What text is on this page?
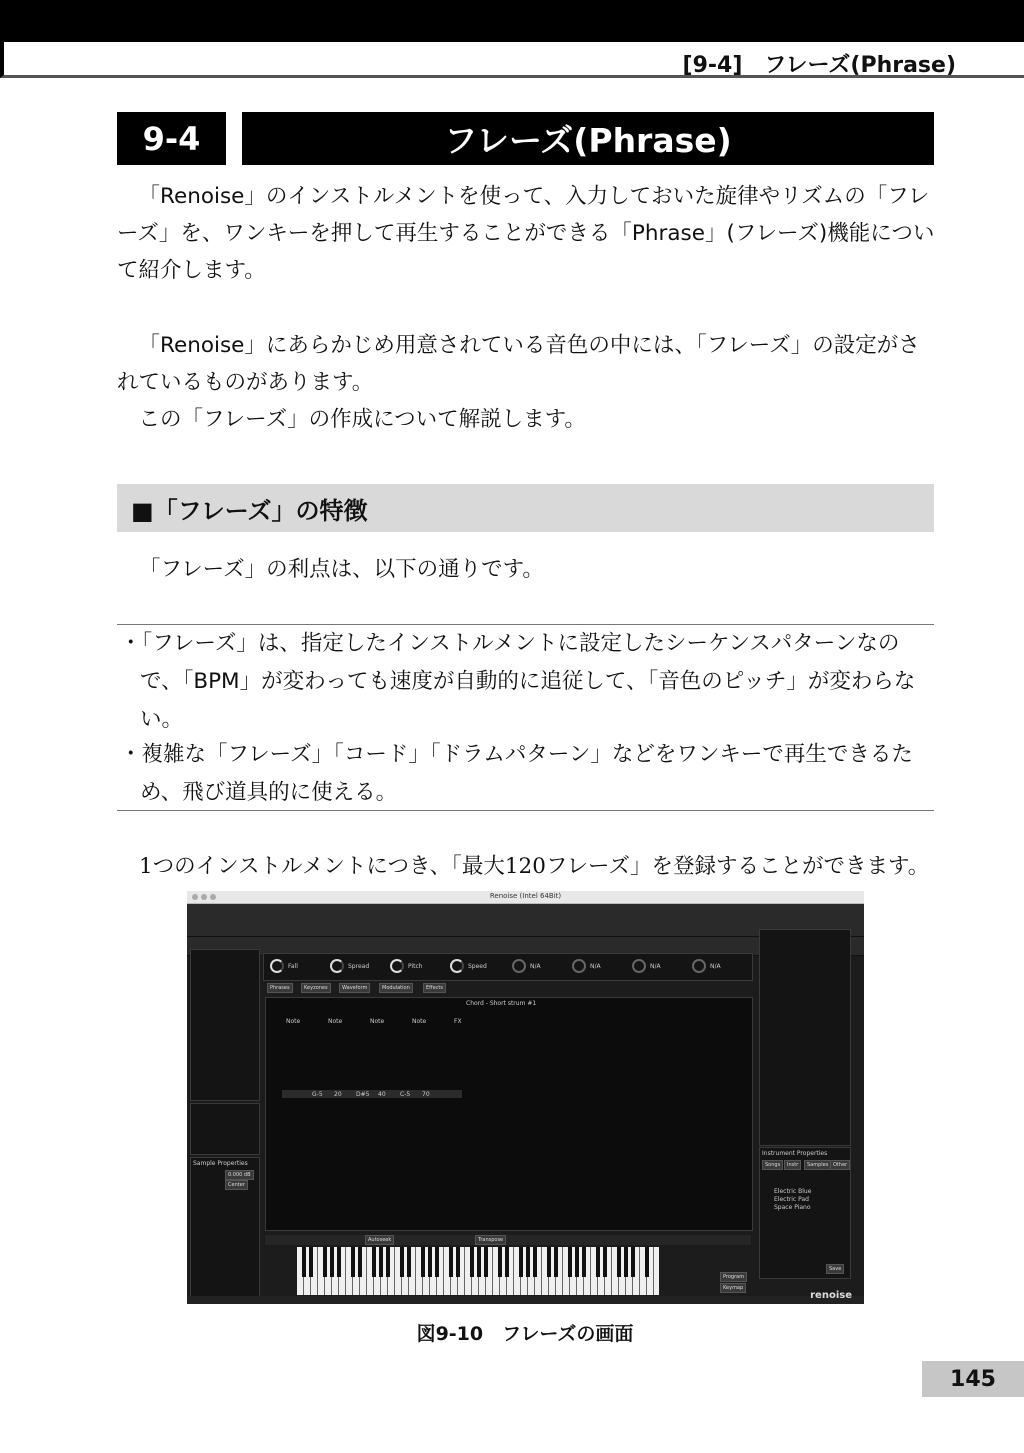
[9-4]　フレーズ(Phrase)
9-4	フレーズ(Phrase)

「Renoise」のインストルメントを使って、入力しておいた旋律やリズムの「フレーズ」を、ワンキーを押して再生することができる「Phrase」(フレーズ)機能について紹介します。

「Renoise」にあらかじめ用意されている音色の中には、「フレーズ」の設定がされているものがあります。

この「フレーズ」の作成について解説します。

■「フレーズ」の特徴

「フレーズ」の利点は、以下の通りです。

・「フレーズ」は、指定したインストルメントに設定したシーケンスパターンなので、「BPM」が変わっても速度が自動的に追従して、「音色のピッチ」が変わらない。

・複雑な「フレーズ」「コード」「ドラムパターン」などをワンキーで再生できるため、飛び道具的に使える。

1つのインストルメントにつき、「最大120フレーズ」を登録することができます。

Renoise (Intel 64Bit)
Sample Properties
0.000 dB
Center
Fall	Spread	Pitch	Speed	N/A	N/A	N/A	N/A
Phrases	Keyzones	Waveform	Modulation	Effects
Chord - Short strum #1
Note	Note	Note	Note	FX
G-5 20 D#5 40 C-5 70
Instrument Properties
Songs	Instr	Samples Other
Electric Blue
Electric Pad
Space Piano
Save
Autoseek	Transpose
Program
Keymap
renoise
図9-10　フレーズの画面
145
